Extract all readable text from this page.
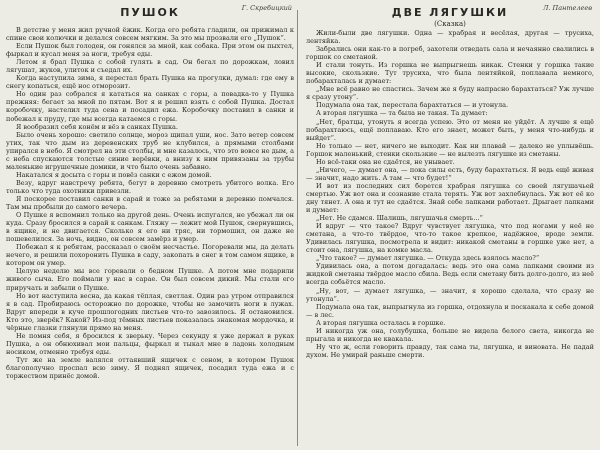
ПУШОК	Г. Скребицкий

В детстве у меня жил ручной ёжик. Когда его ребята гладили, он прижимал к спине свои колючки и делался совсем мягким. За это мы прозвали его „Пушок“.

Если Пушок был голоден, он гонялся за мной, как собака. При этом он пыхтел, фыркал и кусал меня за ноги, требуя еды.

Летом я брал Пушка с собой гулять в сад. Он бегал по дорожкам, ловил лягушат, жуков, улиток и съедал их.

Когда наступила зима, я перестал брать Пушка на прогулки, думал: где ему в снегу копаться, ещё нос отморозит.

Но один раз собрался я кататься на санках с горы, а повадка-то у Пушка прежняя: бегает за мной по пятам. Вот я и решил взять с собой Пушка. Достал коробочку, настелил туда сена и посадил ежа. Коробочку поставил в санки и побежал к пруду, где мы всегда катаемся с горы.

Я вообразил себя конём и вёз в санках Пушка.

Было очень хорошо: светило солнце, мороз щипал уши, нос. Зато ветер совсем утих, так что дым из деревенских труб не клубился, а прямыми столбами упирался в небо. Я смотрел на эти столбы, и мне казалось, что это вовсе не дым, а с неба спускаются толстые синие верёвки, а внизу к ним привязаны за трубы маленькие игрушечные домики, и что было очень забавно.

Накатался я досыта с горы и повёз санки с ежом домой.

Везу, вдруг навстречу ребята, бегут в деревню смотреть убитого волка. Его только что туда охотники привезли.

Я поскорее поставил санки в сарай и тоже за ребятами в деревню помчался. Там мы пробыли до самого вечера.

О Пушке я вспомнил только на другой день. Очень испугался, не убежал ли он куда. Сразу бросился в сарай к санкам. Гляжу — лежит мой Пушок, свернувшись, в ящике, и не двигается. Сколько я его ни тряс, ни тормошил, он даже не пошевелился. За ночь, видно, он совсем замёрз и умер.

Побежал я к ребятам, рассказал о своём несчастье. Погоревали мы, да делать нечего, и решили похоронить Пушка в саду, закопать в снег в том самом ящике, в котором он умер.

Целую неделю мы все горевали о бедном Пушке. А потом мне подарили живого сыча. Его поймали у нас в сарае. Он был совсем дикий. Мы стали его приручать и забыли о Пушке.

Но вот наступила весна, да какая тёплая, светлая. Один раз утром отправился я в сад. Пробираюсь осторожно по дорожке, чтобы не замочить ноги в лужах. Вдруг впереди в куче прошлогодних листьев что-то завозилось. Я остановился. Кто это, зверёк? Какой? Из-под тёмных листьев показалась знакомая мордочка, и чёрные глазки глянули прямо на меня.

Не помня себя, я бросился к зверьку. Через секунду я уже держал в руках Пушка, а он обнюхивал мои пальцы, фыркал и тыкал мне в ладонь холодным носиком, отменно требуя еды.

Тут же на земле валялся оттаявший ящичек с сеном, в котором Пушок благополучно проспал всю зиму. Я поднял ящичек, посадил туда ежа и с торжеством принёс домой.

ДВЕ ЛЯГУШКИ	Л. Пантелеев
(Сказка)

Жили-были две лягушки. Одна — храбрая и весёлая, другая — трусиха, лентяйка.

Забрались они как-то в погреб, захотели отведать сала и нечаянно свалились в горшок со сметаной.

И стали тонуть. Из горшка не выпрыгнешь никак. Стенки у горшка такие высокие, скользкие. Тут трусиха, что была лентяйкой, поплавала немного, побарахталась и думает:

„Мне всё равно не спастись. Зачем же я буду напрасно барахтаться? Уж лучше я сразу утону“.

Подумала она так, перестала барахтаться — и утонула.

А вторая лягушка — та была не такая. Та думает:

„Нет, братцы, утонуть я всегда успею. Это от меня не уйдёт. А лучше я ещё побарахтаюсь, ещё поплаваю. Кто его знает, может быть, у меня что-нибудь и выйдет“.

Но только — нет, ничего не выходит. Как ни плавай — далеко не уплывёшь. Горшок маленький, стенки скользкие — не вылезть лягушке из сметаны.

Но всё-таки она не сдаётся, не унывает.

„Ничего, — думает она, — пока силы есть, буду барахтаться. Я ведь ещё живая — значит, надо жить. А там — что будет!“

И вот из последних сил борется храбрая лягушка со своей лягушачьей смертью. Уж вот она и сознание стала терять. Уж вот захлебнулась. Уж вот её ко дну тянет. А она и тут не сдаётся. Знай себе лапками работает. Дрыгает лапками и думает:

„Нет. Не сдамся. Шалишь, лягушачья смерть...“

И вдруг — что такое? Вдруг чувствует лягушка, что под ногами у неё не сметана, а что-то твёрдое, что-то такое крепкое, надёжное, вроде земли. Удивилась лягушка, посмотрела и видит: никакой сметаны в горшке уже нет, а стоит она, лягушка, на комке масла.

„Что такое? — думает лягушка. — Откуда здесь взялось масло?“

Удивилась она, а потом догадалась: ведь это она сама лапками своими из жидкой сметаны твёрдое масло сбила. Ведь если сметану бить долго-долго, из неё всегда собьётся масло.

„Ну, вот, — думает лягушка, — значит, я хорошо сделала, что сразу не утонула“.

Подумала она так, выпрыгнула из горшка, отдохнула и поскакала к себе домой — в лес.

А вторая лягушка осталась в горшке.

И никогда уж она, голубушка, больше не видела белого света, никогда не прыгала и никогда не квакала.

Ну что ж, если говорить правду, так сама ты, лягушка, и виновата. Не падай духом. Не умирай раньше смерти.
